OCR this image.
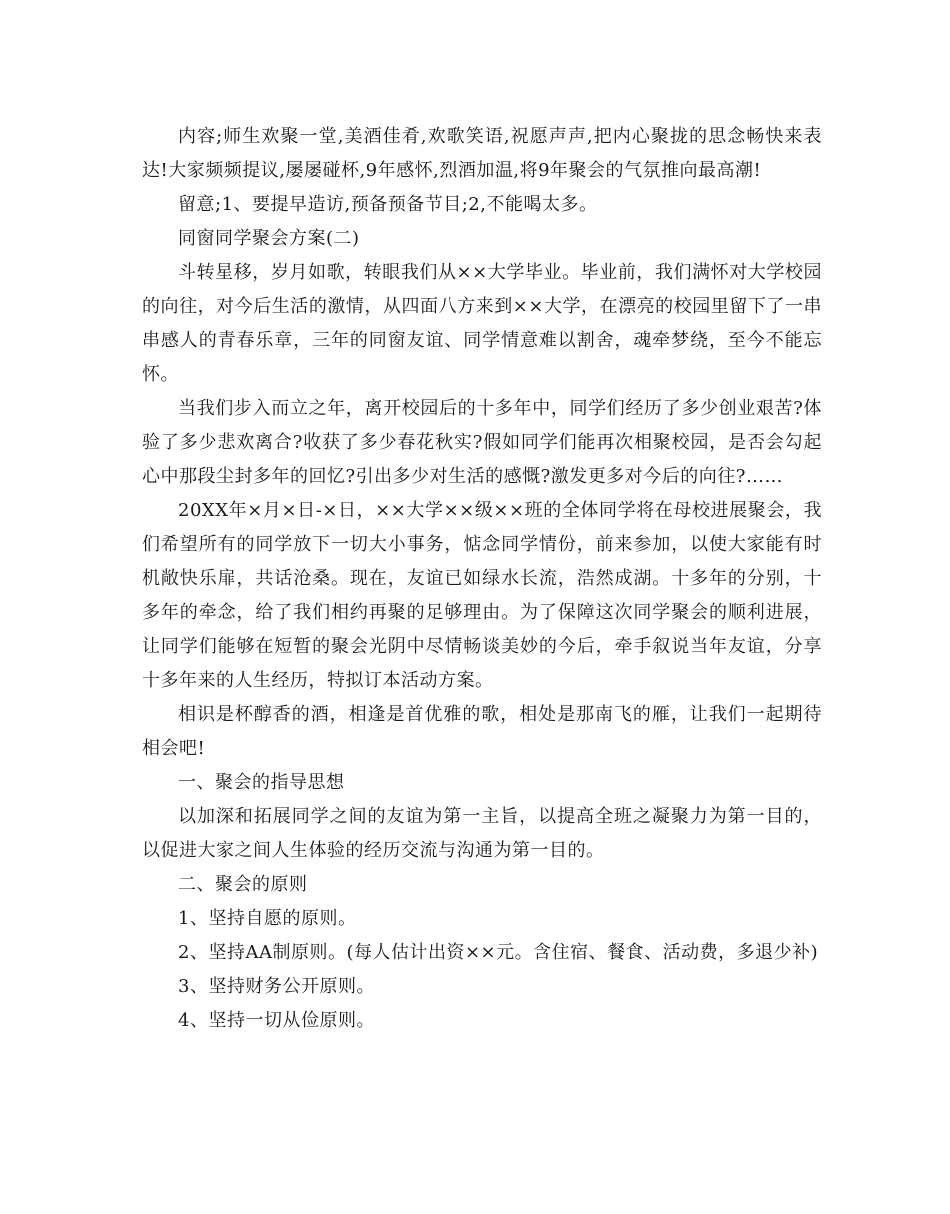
内容;师生欢聚一堂,美酒佳肴,欢歌笑语,祝愿声声,把内心聚拢的思念畅快来表达!大家频频提议,屡屡碰杯,9年感怀,烈酒加温,将9年聚会的气氛推向最高潮!

留意;1、要提早造访,预备预备节目;2,不能喝太多。

同窗同学聚会方案(二)

斗转星移，岁月如歌，转眼我们从××大学毕业。毕业前，我们满怀对大学校园的向往，对今后生活的激情，从四面八方来到××大学，在漂亮的校园里留下了一串串感人的青春乐章，三年的同窗友谊、同学情意难以割舍，魂牵梦绕，至今不能忘怀。

当我们步入而立之年，离开校园后的十多年中，同学们经历了多少创业艰苦?体验了多少悲欢离合?收获了多少春花秋实?假如同学们能再次相聚校园，是否会勾起心中那段尘封多年的回忆?引出多少对生活的感慨?激发更多对今后的向往?……

20XX年×月×日-×日，××大学××级××班的全体同学将在母校进展聚会，我们希望所有的同学放下一切大小事务，惦念同学情份，前来参加，以使大家能有时机敞快乐扉，共话沧桑。现在，友谊已如绿水长流，浩然成湖。十多年的分别，十多年的牵念，给了我们相约再聚的足够理由。为了保障这次同学聚会的顺利进展，让同学们能够在短暂的聚会光阴中尽情畅谈美妙的今后，牵手叙说当年友谊，分享十多年来的人生经历，特拟订本活动方案。

相识是杯醇香的酒，相逢是首优雅的歌，相处是那南飞的雁，让我们一起期待相会吧!

一、聚会的指导思想

以加深和拓展同学之间的友谊为第一主旨，以提高全班之凝聚力为第一目的，以促进大家之间人生体验的经历交流与沟通为第一目的。

二、聚会的原则

1、坚持自愿的原则。

2、坚持AA制原则。(每人估计出资××元。含住宿、餐食、活动费，多退少补)

3、坚持财务公开原则。

4、坚持一切从俭原则。
